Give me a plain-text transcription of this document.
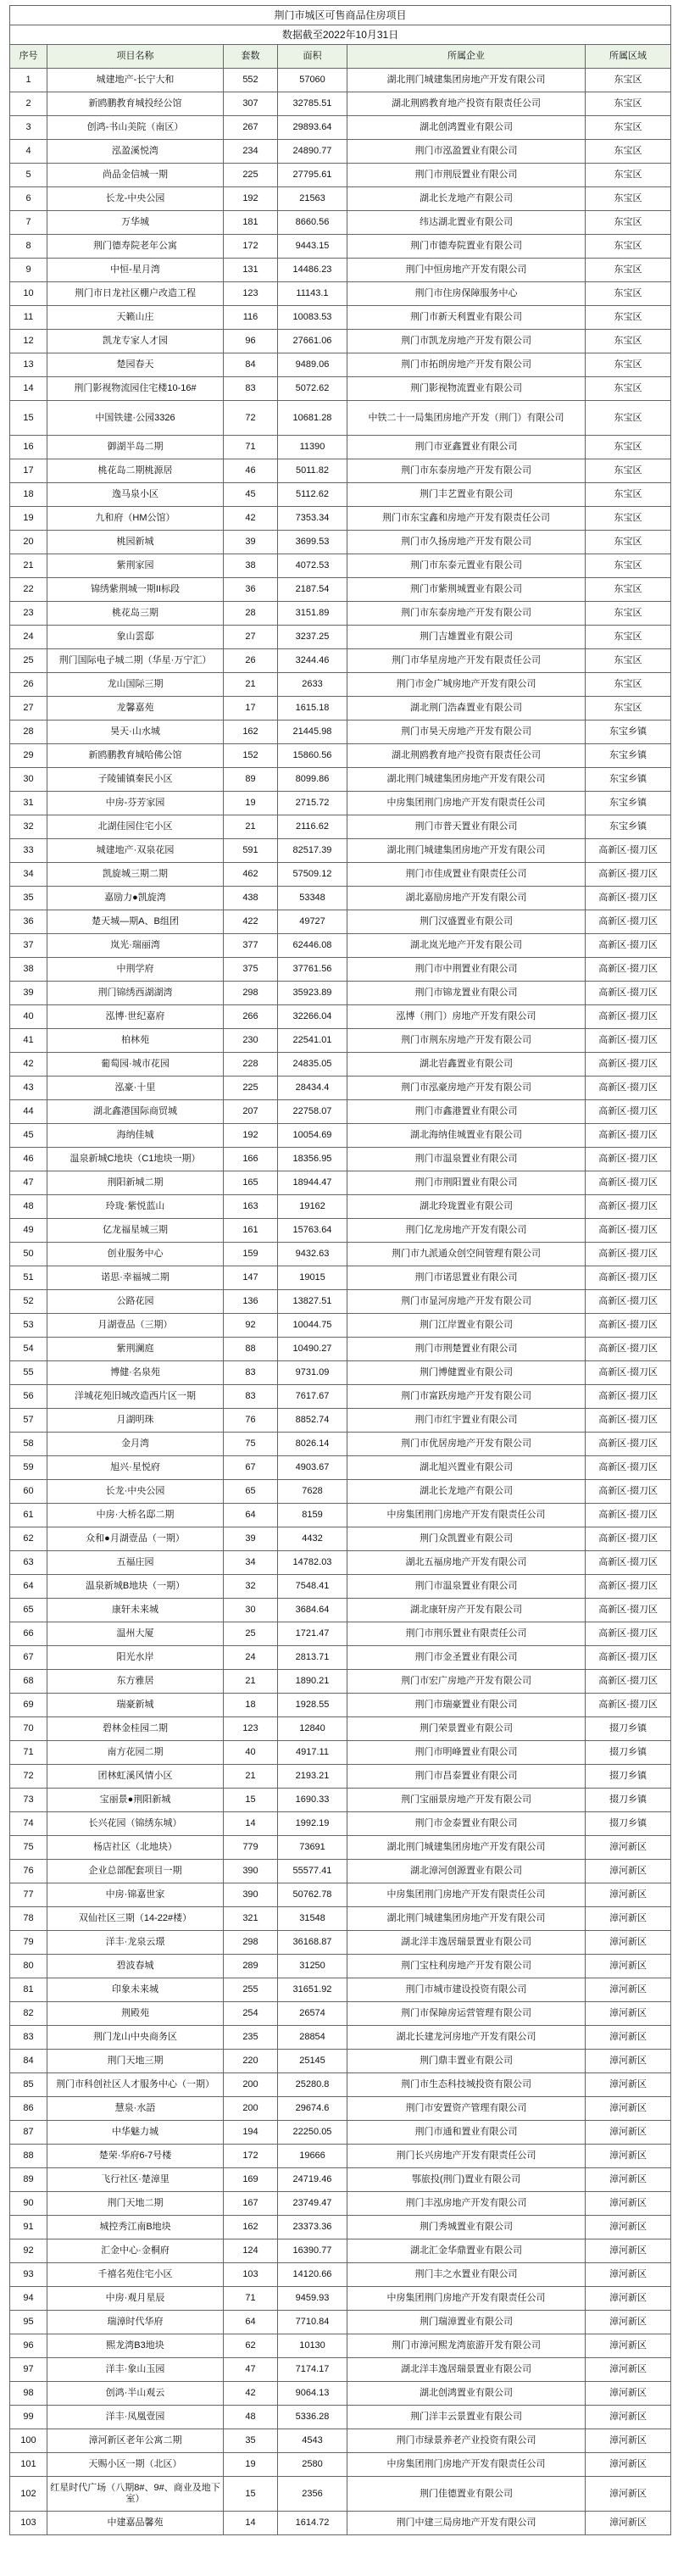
荆门市城区可售商品住房项目					
数据截至2022年10月31日					
序号	项目名称	套数	面积	所属企业	所属区域
1	城建地产-长宁大和	552	57060	湖北荆门城建集团房地产开发有限公司	东宝区
2	新鸥鹏教育城投经公馆	307	32785.51	湖北荆鸥教育地产投资有限责任公司	东宝区
3	创鸿-书山美院（南区）	267	29893.64	湖北创鸿置业有限公司	东宝区
4	泓盈溪悦湾	234	24890.77	荆门市泓盈置业有限公司	东宝区
5	尚品金信城一期	225	27795.61	荆门市荆辰置业有限公司	东宝区
6	长龙-中央公园	192	21563	湖北长龙地产有限公司	东宝区
7	万华城	181	8660.56	纬达湖北置业有限公司	东宝区
8	荆门德寿院老年公寓	172	9443.15	荆门市德寿院置业有限公司	东宝区
9	中恒-星月湾	131	14486.23	荆门中恒房地产开发有限公司	东宝区
10	荆门市日龙社区棚户改造工程	123	11143.1	荆门市住房保障服务中心	东宝区
11	天籁山庄	116	10083.53	荆门市新天利置业有限公司	东宝区
12	凯龙专家人才园	96	27661.06	荆门市凯龙房地产开发有限公司	东宝区
13	楚园春天	84	9489.06	荆门市拓朗房地产开发有限公司	东宝区
14	荆门影视物流园住宅楼10-16#	83	5072.62	荆门影视物流置业有限公司	东宝区
15	中国铁建·公园3326	72	10681.28	中铁二十一局集团房地产开发（荆门）有限公司	东宝区
16	御湖半岛二期	71	11390	荆门市亚鑫置业有限公司	东宝区
17	桃花岛二期桃源居	46	5011.82	荆门市东泰房地产开发有限公司	东宝区
18	逸马泉小区	45	5112.62	荆门丰艺置业有限公司	东宝区
19	九和府（HM公馆）	42	7353.34	荆门市东宝鑫和房地产开发有限责任公司	东宝区
20	桃园新城	39	3699.53	荆门市久扬房地产开发有限公司	东宝区
21	紫荆家园	38	4072.53	荆门市东泰元置业有限公司	东宝区
22	锦绣紫荆城一期II标段	36	2187.54	荆门市紫荆城置业有限公司	东宝区
23	桃花岛三期	28	3151.89	荆门市东泰房地产开发有限公司	东宝区
24	象山雲邸	27	3237.25	荆门吉雄置业有限公司	东宝区
25	荆门国际电子城二期（华星·万宁汇）	26	3244.46	荆门市华星房地产开发有限责任公司	东宝区
26	龙山国际三期	21	2633	荆门市金广城房地产开发有限公司	东宝区
27	龙馨嘉苑	17	1615.18	湖北荆门浩森置业有限公司	东宝区
28	昊天·山水城	162	21445.98	荆门市昊天房地产开发有限公司	东宝乡镇
29	新鸥鹏教育城哈佛公馆	152	15860.56	湖北荆鸥教育地产投资有限责任公司	东宝乡镇
30	子陵铺镇秦民小区	89	8099.86	湖北荆门城建集团房地产开发有限公司	东宝乡镇
31	中房-芬芳家园	19	2715.72	中房集团荆门房地产开发有限责任公司	东宝乡镇
32	北湖佳园住宅小区	21	2116.62	荆门市普天置业有限公司	东宝乡镇
33	城建地产·双泉花园	591	82517.39	湖北荆门城建集团房地产开发有限公司	高新区·掇刀区
34	凯旋城三期二期	462	57509.12	荆门市佳成置业有限责任公司	高新区·掇刀区
35	嘉励力●凯旋湾	438	53348	湖北嘉励房地产开发有限公司	高新区·掇刀区
36	楚天城—期A、B组团	422	49727	荆门汉盛置业有限公司	高新区·掇刀区
37	岚光·瑞丽湾	377	62446.08	湖北岚光地产开发有限公司	高新区·掇刀区
38	中荆学府	375	37761.56	荆门市中荆置业有限公司	高新区·掇刀区
39	荆门锦绣西湖湖湾	298	35923.89	荆门市锦龙置业有限公司	高新区·掇刀区
40	泓博·世纪嘉府	266	32266.04	泓博（荆门）房地产开发有限公司	高新区·掇刀区
41	柏林苑	230	22541.01	荆门市荆东房地产开发有限公司	高新区·掇刀区
42	葡萄园·城市花园	228	24835.05	湖北岩鑫置业有限公司	高新区·掇刀区
43	泓豪·十里	225	28434.4	荆门市泓豪房地产开发有限公司	高新区·掇刀区
44	湖北鑫港国际商贸城	207	22758.07	荆门市鑫港置业有限公司	高新区·掇刀区
45	海纳佳城	192	10054.69	湖北海纳佳城置业有限公司	高新区·掇刀区
46	温泉新城C地块（C1地块一期）	166	18356.95	荆门市温泉置业有限公司	高新区·掇刀区
47	荆阳新城二期	165	18944.47	荆门市荆阳置业有限公司	高新区·掇刀区
48	玲珑·紫悦蓝山	163	19162	湖北玲珑置业有限公司	高新区·掇刀区
49	亿龙福星城三期	161	15763.64	荆门亿龙房地产开发有限公司	高新区·掇刀区
50	创业服务中心	159	9432.63	荆门市九派通众创空间管理有限公司	高新区·掇刀区
51	诺思·幸福城二期	147	19015	荆门市诺思置业有限公司	高新区·掇刀区
52	公路花园	136	13827.51	荆门市显河房地产开发有限公司	高新区·掇刀区
53	月湖壹品（三期）	92	10044.75	荆门江岸置业有限公司	高新区·掇刀区
54	紫荆澜庭	88	10490.27	荆门市荆楚置业有限公司	高新区·掇刀区
55	博健·名泉苑	83	9731.09	荆门博健置业有限公司	高新区·掇刀区
56	洋城花苑旧城改造西片区一期	83	7617.67	荆门市富跃房地产开发有限公司	高新区·掇刀区
57	月湖明珠	76	8852.74	荆门市红宇置业有限公司	高新区·掇刀区
58	金月湾	75	8026.14	荆门市优居房地产开发有限公司	高新区·掇刀区
59	旭兴·星悦府	67	4903.67	湖北旭兴置业有限公司	高新区·掇刀区
60	长龙·中央公园	65	7628	湖北长龙地产有限公司	高新区·掇刀区
61	中房·大桥名邸二期	64	8159	中房集团荆门房地产开发有限责任公司	高新区·掇刀区
62	众和●月湖壹品（一期）	39	4432	荆门众凯置业有限公司	高新区·掇刀区
63	五福庄园	34	14782.03	湖北五福房地产开发有限公司	高新区·掇刀区
64	温泉新城B地块（一期）	32	7548.41	荆门市温泉置业有限公司	高新区·掇刀区
65	康轩未来城	30	3684.64	湖北康轩房产开发有限公司	高新区·掇刀区
66	温州大厦	25	1721.47	荆门市荆乐置业有限责任公司	高新区·掇刀区
67	阳光水岸	24	2813.71	荆门市金圣置业有限公司	高新区·掇刀区
68	东方雅居	21	1890.21	荆门市宏广房地产开发有限公司	高新区·掇刀区
69	瑞豪新城	18	1928.55	荆门市瑞豪置业有限公司	高新区·掇刀区
70	碧林金桂园二期	123	12840	荆门荣景置业有限公司	掇刀乡镇
71	南方花园二期	40	4917.11	荆门市明峰置业有限公司	掇刀乡镇
72	团林虹溪风情小区	21	2193.21	荆门市昌泰置业有限公司	掇刀乡镇
73	宝丽景●荆阳新城	15	1690.33	荆门宝丽景房地产开发有限公司	掇刀乡镇
74	长兴花园（锦绣东城）	14	1992.19	荆门市金泰置业有限公司	掇刀乡镇
75	杨店社区（北地块）	779	73691	湖北荆门城建集团房地产开发有限公司	漳河新区
76	企业总部配套项目一期	390	55577.41	湖北漳河创源置业有限公司	漳河新区
77	中房·锦嘉世家	390	50762.78	中房集团荆门房地产开发有限责任公司	漳河新区
78	双仙社区三期（14-22#楼）	321	31548	湖北荆门城建集团房地产开发有限公司	漳河新区
79	洋丰·龙泉云璟	298	36168.87	湖北洋丰逸居瑞景置业有限公司	漳河新区
80	碧波春城	289	31250	荆门宝柱利房地产开发有限公司	漳河新区
81	印象未来城	255	31651.92	荆门市城市建设投资有限公司	漳河新区
82	荆殿苑	254	26574	荆门市保障房运营管理有限公司	漳河新区
83	荆门龙山中央商务区	235	28854	湖北长建龙河房地产开发有限公司	漳河新区
84	荆门天地三期	220	25145	荆门鼎丰置业有限公司	漳河新区
85	荆门市科创社区人才服务中心（一期）	200	25280.8	荆门市生态科技城投资有限公司	漳河新区
86	慧泉·水語	200	29674.6	荆门市安置资产管理有限公司	漳河新区
87	中华魅力城	194	22250.05	荆门市通和置业有限公司	漳河新区
88	楚荣·华府6-7号楼	172	19666	荆门长兴房地产开发有限责任公司	漳河新区
89	飞行社区·楚漳里	169	24719.46	鄂旅投(荆门)置业有限公司	漳河新区
90	荆门天地二期	167	23749.47	荆门丰泓房地产开发有限公司	漳河新区
91	城控秀江南B地块	162	23373.36	荆门秀城置业有限公司	漳河新区
92	汇金中心·金桐府	124	16390.77	湖北汇金华鼎置业有限公司	漳河新区
93	千禧名苑住宅小区	103	14120.66	荆门丰之水置业有限公司	漳河新区
94	中房·观月星辰	71	9459.93	中房集团荆门房地产开发有限责任公司	漳河新区
95	瑞漳时代华府	64	7710.84	荆门瑞漳置业有限公司	漳河新区
96	熙龙湾B3地块	62	10130	荆门市漳河熙龙湾旅游开发有限公司	漳河新区
97	洋丰·象山玉园	47	7174.17	湖北洋丰逸居瑞景置业有限公司	漳河新区
98	创鸿·半山观云	42	9064.13	湖北创鸿置业有限公司	漳河新区
99	洋丰·凤凰壹园	48	5336.28	荆门洋丰云景置业有限公司	漳河新区
100	漳河新区老年公寓二期	35	4543	荆门市绿景养老产业投资有限公司	漳河新区
101	天赐小区一期（北区）	19	2580	中房集团荆门房地产开发有限责任公司	漳河新区
102	红星时代广场（八期8#、9#、商业及地下室）	15	2356	荆门佳德置业有限公司	漳河新区
103	中建嘉品馨苑	14	1614.72	荆门中建三局房地产开发有限公司	漳河新区
